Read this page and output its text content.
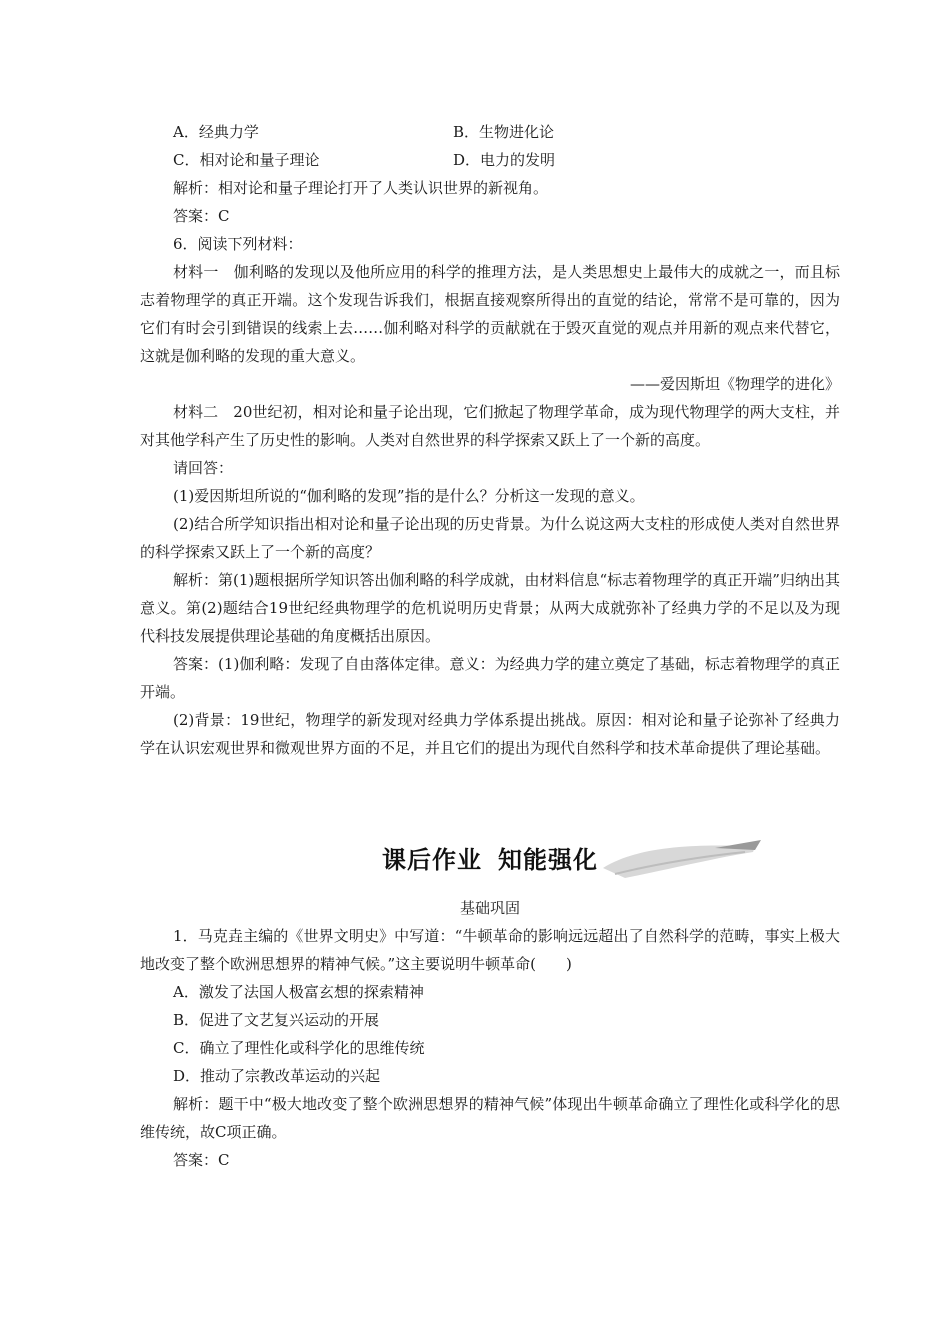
A．经典力学	B．生物进化论
C．相对论和量子理论	D．电力的发明

解析：相对论和量子理论打开了人类认识世界的新视角。

答案：C

6．阅读下列材料：

材料一　伽利略的发现以及他所应用的科学的推理方法，是人类思想史上最伟大的成就之一，而且标志着物理学的真正开端。这个发现告诉我们，根据直接观察所得出的直觉的结论，常常不是可靠的，因为它们有时会引到错误的线索上去……伽利略对科学的贡献就在于毁灭直觉的观点并用新的观点来代替它，这就是伽利略的发现的重大意义。

——爱因斯坦《物理学的进化》

材料二　20世纪初，相对论和量子论出现，它们掀起了物理学革命，成为现代物理学的两大支柱，并对其他学科产生了历史性的影响。人类对自然世界的科学探索又跃上了一个新的高度。

请回答：

(1)爱因斯坦所说的“伽利略的发现”指的是什么？分析这一发现的意义。

(2)结合所学知识指出相对论和量子论出现的历史背景。为什么说这两大支柱的形成使人类对自然世界的科学探索又跃上了一个新的高度？

解析：第(1)题根据所学知识答出伽利略的科学成就，由材料信息“标志着物理学的真正开端”归纳出其意义。第(2)题结合19世纪经典物理学的危机说明历史背景；从两大成就弥补了经典力学的不足以及为现代科技发展提供理论基础的角度概括出原因。

答案：(1)伽利略：发现了自由落体定律。意义：为经典力学的建立奠定了基础，标志着物理学的真正开端。

(2)背景：19世纪，物理学的新发现对经典力学体系提出挑战。原因：相对论和量子论弥补了经典力学在认识宏观世界和微观世界方面的不足，并且它们的提出为现代自然科学和技术革命提供了理论基础。

课后作业 知能强化

基础巩固

1．马克垚主编的《世界文明史》中写道：“牛顿革命的影响远远超出了自然科学的范畴，事实上极大地改变了整个欧洲思想界的精神气候。”这主要说明牛顿革命(　　)

A．激发了法国人极富玄想的探索精神

B．促进了文艺复兴运动的开展

C．确立了理性化或科学化的思维传统

D．推动了宗教改革运动的兴起

解析：题干中“极大地改变了整个欧洲思想界的精神气候”体现出牛顿革命确立了理性化或科学化的思维传统，故C项正确。

答案：C
